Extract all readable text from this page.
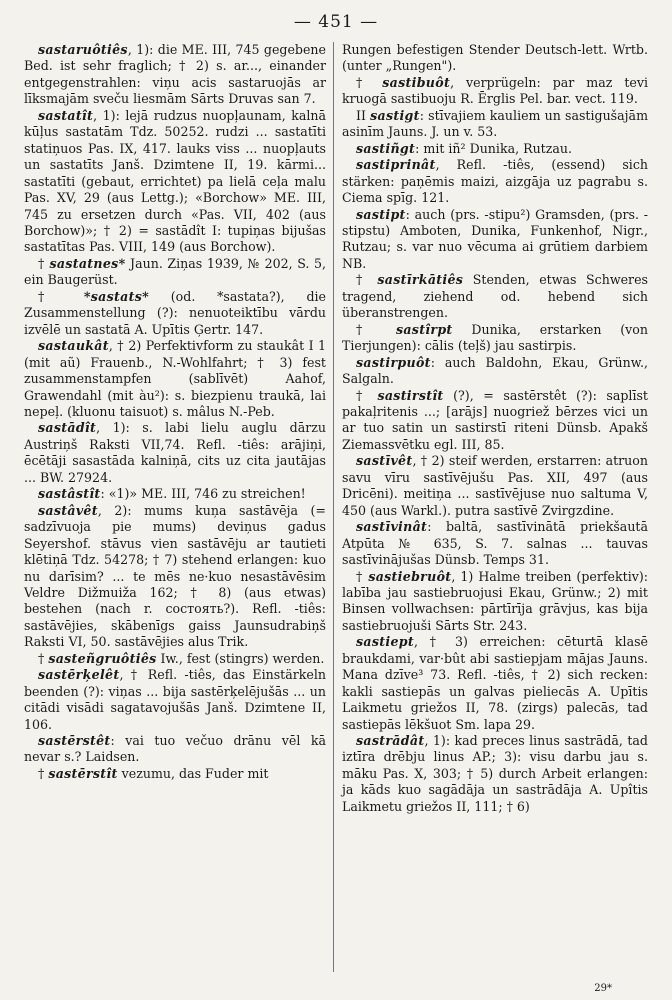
— 451 —

sastaruôtiês, 1): die ME. III, 745 gegebene Bed. ist sehr fraglich; † 2) s. ar..., einander entgegenstrahlen: viņu acis sastaruojās ar līksmajām sveču liesmām Sārts Druvas san 7.

sastatît, 1): lejā rudzus nuopļaunam, kalnā kūļus sastatām Tdz. 50252. rudzi ... sastatīti statiņuos Pas. IX, 417. lauks viss ... nuopļauts un sastatīts Janš. Dzimtene II, 19. kārmi... sastatīti (gebaut, errichtet) pa lielā ceļa malu Pas. XV, 29 (aus Lettg.); «Borchow» ME. III, 745 zu ersetzen durch «Pas. VII, 402 (aus Borchow)»; † 2) = sastādît I: tupiņas bijušas sastatītas Pas. VIII, 149 (aus Borchow).

† sastatnes* Jaun. Ziņas 1939, № 202, S. 5, ein Baugerüst.

† *sastats* (od. *sastata?), die Zusammenstellung (?): nenuoteiktību vārdu izvēlē un sastatā A. Upītis Ģertr. 147.

sastaukât, † 2) Perfektivform zu staukât I 1 (mit aũ) Frauenb., N.-Wohlfahrt; † 3) fest zusammenstampfen (sablīvēt) Aahof, Grawendahl (mit àu²): s. biezpienu traukā, lai nepeļ. (kluonu taisuot) s. mâlus N.-Peb.

sastādît, 1): s. labi lielu auglu dārzu Austriņš Raksti VII,74. Refl. -tiês: arājiņi, ēcētāji sasastāda kalniņā, cits uz cita jautājas ... BW. 27924.

sastâstît: «1)» ME. III, 746 zu streichen!

sastâvêt, 2): mums kuņa sastāvēja (= sadzīvuoja pie mums) deviņus gadus Seyershof. stāvus vien sastāvēju ar tautieti klētiņā Tdz. 54278; † 7) stehend erlangen: kuo nu darīsim? ... te mēs ne·kuo nesastāvēsim Veldre Dižmuiža 162; † 8) (aus etwas) bestehen (nach r. состоять?). Refl. -tiês: sastāvējies, skābenīgs gaiss Jaunsudrabiņš Raksti VI, 50. sastāvējies alus Trik.

† sasteñgruôtiês Iw., fest (stingrs) werden.

sastērķelêt, † Refl. -tiês, das Einstärkeln beenden (?): viņas ... bija sastērķelējušās ... un citādi visādi sagatavojušās Janš. Dzimtene II, 106.

sastērstêt: vai tuo večuo drānu vēl kā nevar s.? Laidsen.

† sastērstît vezumu, das Fuder mit

Rungen befestigen Stender Deutsch-lett. Wrtb. (unter „Rungen").

† sastibuôt, verprügeln: par maz tevi kruogā sastibuoju R. Ērglis Pel. bar. vect. 119.

II sastigt: stīvajiem kauliem un sastigušajām asinīm Jauns. J. un v. 53.

sastiñgt: mit iñ² Dunika, Rutzau.

sastiprinât, Refl. -tiês, (essend) sich stärken: paņēmis maizi, aizgāja uz pagrabu s. Ciema spīg. 121.

sastipt: auch (prs. -stipu²) Gramsden, (prs. -stipstu) Amboten, Dunika, Funkenhof, Nigr., Rutzau; s. var nuo vēcuma ai grūtiem darbiem NB.

† sastīrkātiês Stenden, etwas Schweres tragend, ziehend od. hebend sich überanstrengen.

† sastîrpt Dunika, erstarken (von Tierjungen): cālis (teļš) jau sastirpis.

sastirpuôt: auch Baldohn, Ekau, Grünw., Salgaln.

† sastirstît (?), = sastērstêt (?): saplīst pakaļritenis ...; [arājs] nuogriež bērzes vici un ar tuo satin un sastirstī riteni Dünsb. Apakš Ziemassvētku egl. III, 85.

sastīvêt, † 2) steif werden, erstarren: atruon savu vīru sastīvējušu Pas. XII, 497 (aus Dricēni). meitiņa ... sastīvējuse nuo saltuma V, 450 (aus Warkl.). putra sastīvē Zvirgzdine.

sastīvinât: baltā, sastīvinātā priekšautā Atpūta № 635, S. 7. salnas ... tauvas sastīvinājušas Dünsb. Temps 31.

† sastiebruôt, 1) Halme treiben (perfektiv): labība jau sastiebruojusi Ekau, Grünw.; 2) mit Binsen vollwachsen: pārtīrīja grāvjus, kas bija sastiebruojuši Sārts Str. 243.

sastiept, † 3) erreichen: cēturtā klasē braukdami, var·bût abi sastiepjam mājas Jauns. Mana dzīve³ 73. Refl. -tiês, † 2) sich recken: kakli sastiepās un galvas pieliecās A. Upītis Laikmetu griežos II, 78. (zirgs) palecās, tad sastiepās lēkšuot Sm. lapa 29.

sastrādât, 1): kad preces linus sastrādā, tad iztīra drēbju linus AP.; 3): visu darbu jau s. māku Pas. X, 303; † 5) durch Arbeit erlangen: ja kāds kuo sagādāja un sastrādāja A. Upîtis Laikmetu griežos II, 111; † 6)

29*
